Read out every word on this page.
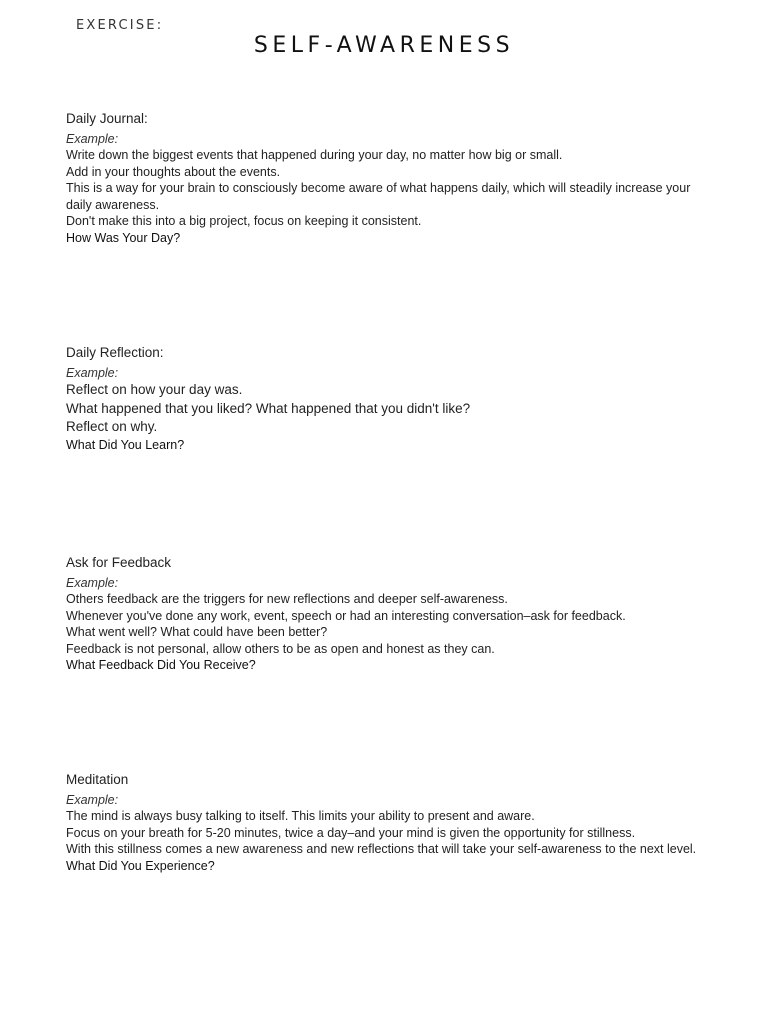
EXERCISE:
SELF-AWARENESS
Daily Journal:
Example:
Write down the biggest events that happened during your day, no matter how big or small.
Add in your thoughts about the events.
This is a way for your brain to consciously become aware of what happens daily, which will steadily increase your daily awareness.
Don't make this into a big project, focus on keeping it consistent.
How Was Your Day?
Daily Reflection:
Example:
Reflect on how your day was.
What happened that you liked? What happened that you didn't like?
Reflect on why.
What Did You Learn?
Ask for Feedback
Example:
Others feedback are the triggers for new reflections and deeper self-awareness.
Whenever you've done any work, event, speech or had an interesting conversation–ask for feedback.
What went well? What could have been better?
Feedback is not personal, allow others to be as open and honest as they can.
What Feedback Did You Receive?
Meditation
Example:
The mind is always busy talking to itself. This limits your ability to present and aware.
Focus on your breath for 5-20 minutes, twice a day–and your mind is given the opportunity for stillness.
With this stillness comes a new awareness and new reflections that will take your self-awareness to the next level.
What Did You Experience?
